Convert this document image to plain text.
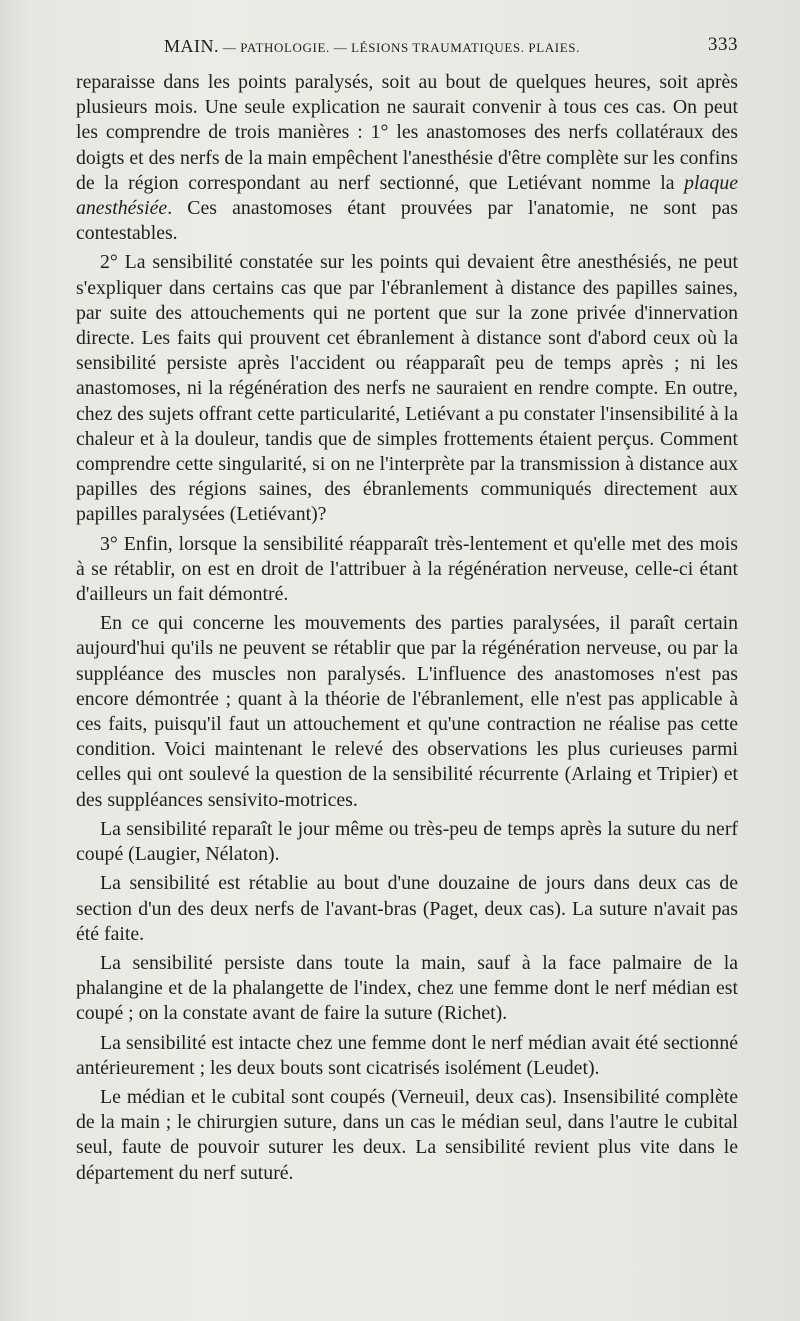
MAIN. — PATHOLOGIE. — LÉSIONS TRAUMATIQUES. PLAIES.	333

reparaisse dans les points paralysés, soit au bout de quelques heures, soit après plusieurs mois. Une seule explication ne saurait convenir à tous ces cas. On peut les comprendre de trois manières : 1° les anastomoses des nerfs collatéraux des doigts et des nerfs de la main empêchent l'anesthésie d'être complète sur les confins de la région correspondant au nerf sectionné, que Letiévant nomme la plaque anesthésiée. Ces anastomoses étant prouvées par l'anatomie, ne sont pas contestables.

2° La sensibilité constatée sur les points qui devaient être anesthésiés, ne peut s'expliquer dans certains cas que par l'ébranlement à distance des papilles saines, par suite des attouchements qui ne portent que sur la zone privée d'innervation directe. Les faits qui prouvent cet ébranlement à distance sont d'abord ceux où la sensibilité persiste après l'accident ou réapparaît peu de temps après ; ni les anastomoses, ni la régénération des nerfs ne sauraient en rendre compte. En outre, chez des sujets offrant cette particularité, Letiévant a pu constater l'insensibilité à la chaleur et à la douleur, tandis que de simples frottements étaient perçus. Comment comprendre cette singularité, si on ne l'interprète par la transmission à distance aux papilles des régions saines, des ébranlements communiqués directement aux papilles paralysées (Letiévant)?

3° Enfin, lorsque la sensibilité réapparaît très-lentement et qu'elle met des mois à se rétablir, on est en droit de l'attribuer à la régénération nerveuse, celle-ci étant d'ailleurs un fait démontré.

En ce qui concerne les mouvements des parties paralysées, il paraît certain aujourd'hui qu'ils ne peuvent se rétablir que par la régénération nerveuse, ou par la suppléance des muscles non paralysés. L'influence des anastomoses n'est pas encore démontrée ; quant à la théorie de l'ébranlement, elle n'est pas applicable à ces faits, puisqu'il faut un attouchement et qu'une contraction ne réalise pas cette condition. Voici maintenant le relevé des observations les plus curieuses parmi celles qui ont soulevé la question de la sensibilité récurrente (Arlaing et Tripier) et des suppléances sensivito-motrices.

La sensibilité reparaît le jour même ou très-peu de temps après la suture du nerf coupé (Laugier, Nélaton).

La sensibilité est rétablie au bout d'une douzaine de jours dans deux cas de section d'un des deux nerfs de l'avant-bras (Paget, deux cas). La suture n'avait pas été faite.

La sensibilité persiste dans toute la main, sauf à la face palmaire de la phalangine et de la phalangette de l'index, chez une femme dont le nerf médian est coupé ; on la constate avant de faire la suture (Richet).

La sensibilité est intacte chez une femme dont le nerf médian avait été sectionné antérieurement ; les deux bouts sont cicatrisés isolément (Leudet).

Le médian et le cubital sont coupés (Verneuil, deux cas). Insensibilité complète de la main ; le chirurgien suture, dans un cas le médian seul, dans l'autre le cubital seul, faute de pouvoir suturer les deux. La sensibilité revient plus vite dans le département du nerf suturé.
